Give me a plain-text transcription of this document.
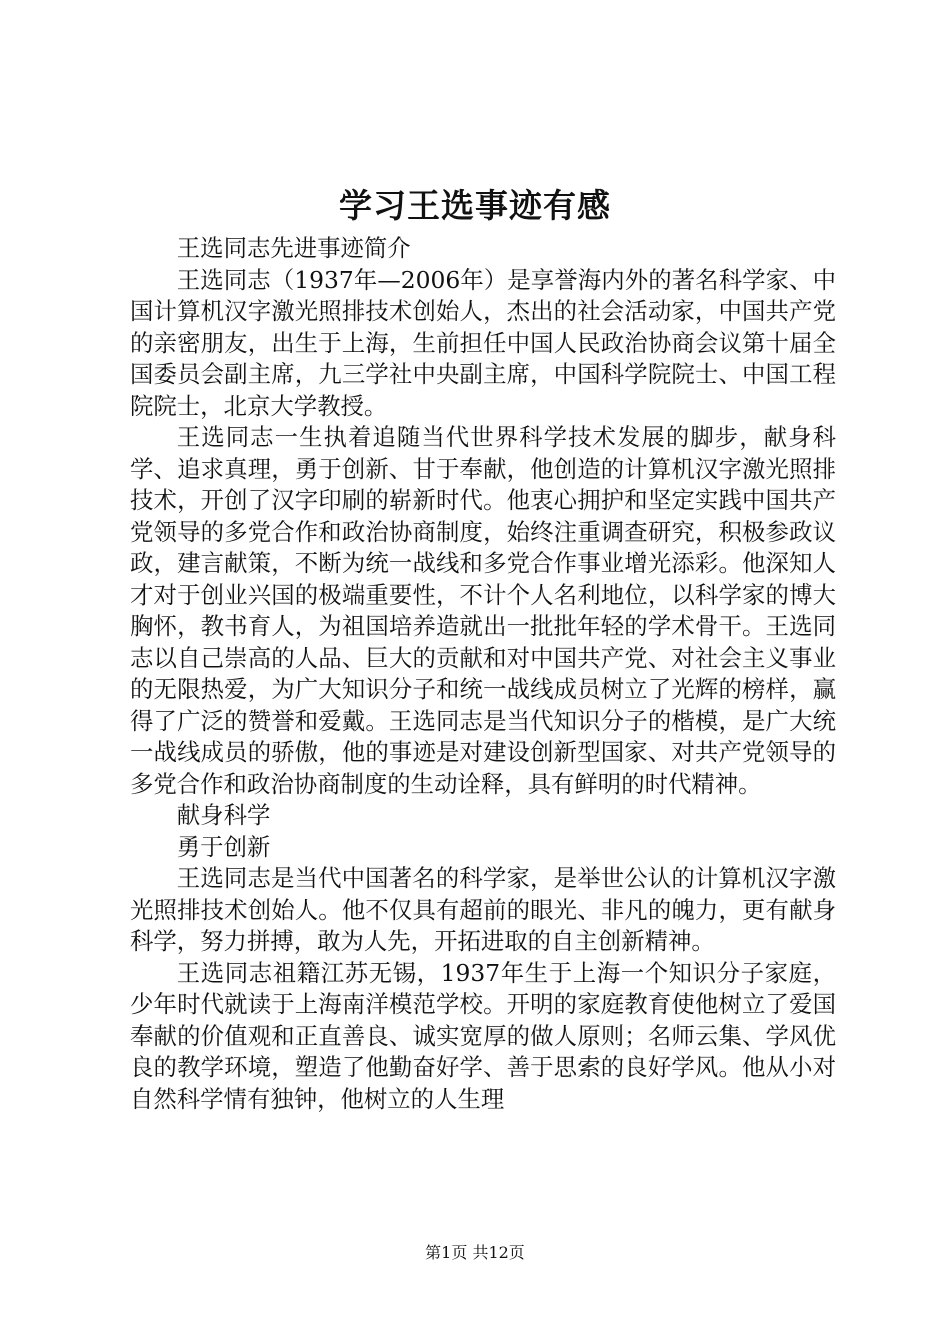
学习王选事迹有感

王选同志先进事迹简介

王选同志（1937年—2006年）是享誉海内外的著名科学家、中国计算机汉字激光照排技术创始人，杰出的社会活动家，中国共产党的亲密朋友，出生于上海，生前担任中国人民政治协商会议第十届全国委员会副主席，九三学社中央副主席，中国科学院院士、中国工程院院士，北京大学教授。

王选同志一生执着追随当代世界科学技术发展的脚步，献身科学、追求真理，勇于创新、甘于奉献，他创造的计算机汉字激光照排技术，开创了汉字印刷的崭新时代。他衷心拥护和坚定实践中国共产党领导的多党合作和政治协商制度，始终注重调查研究，积极参政议政，建言献策，不断为统一战线和多党合作事业增光添彩。他深知人才对于创业兴国的极端重要性，不计个人名利地位，以科学家的博大胸怀，教书育人，为祖国培养造就出一批批年轻的学术骨干。王选同志以自己崇高的人品、巨大的贡献和对中国共产党、对社会主义事业的无限热爱，为广大知识分子和统一战线成员树立了光辉的榜样，赢得了广泛的赞誉和爱戴。王选同志是当代知识分子的楷模，是广大统一战线成员的骄傲，他的事迹是对建设创新型国家、对共产党领导的多党合作和政治协商制度的生动诠释，具有鲜明的时代精神。

献身科学

勇于创新

王选同志是当代中国著名的科学家，是举世公认的计算机汉字激光照排技术创始人。他不仅具有超前的眼光、非凡的魄力，更有献身科学，努力拼搏，敢为人先，开拓进取的自主创新精神。

王选同志祖籍江苏无锡，1937年生于上海一个知识分子家庭，少年时代就读于上海南洋模范学校。开明的家庭教育使他树立了爱国奉献的价值观和正直善良、诚实宽厚的做人原则；名师云集、学风优良的教学环境，塑造了他勤奋好学、善于思索的良好学风。他从小对自然科学情有独钟，他树立的人生理

第1页 共12页
